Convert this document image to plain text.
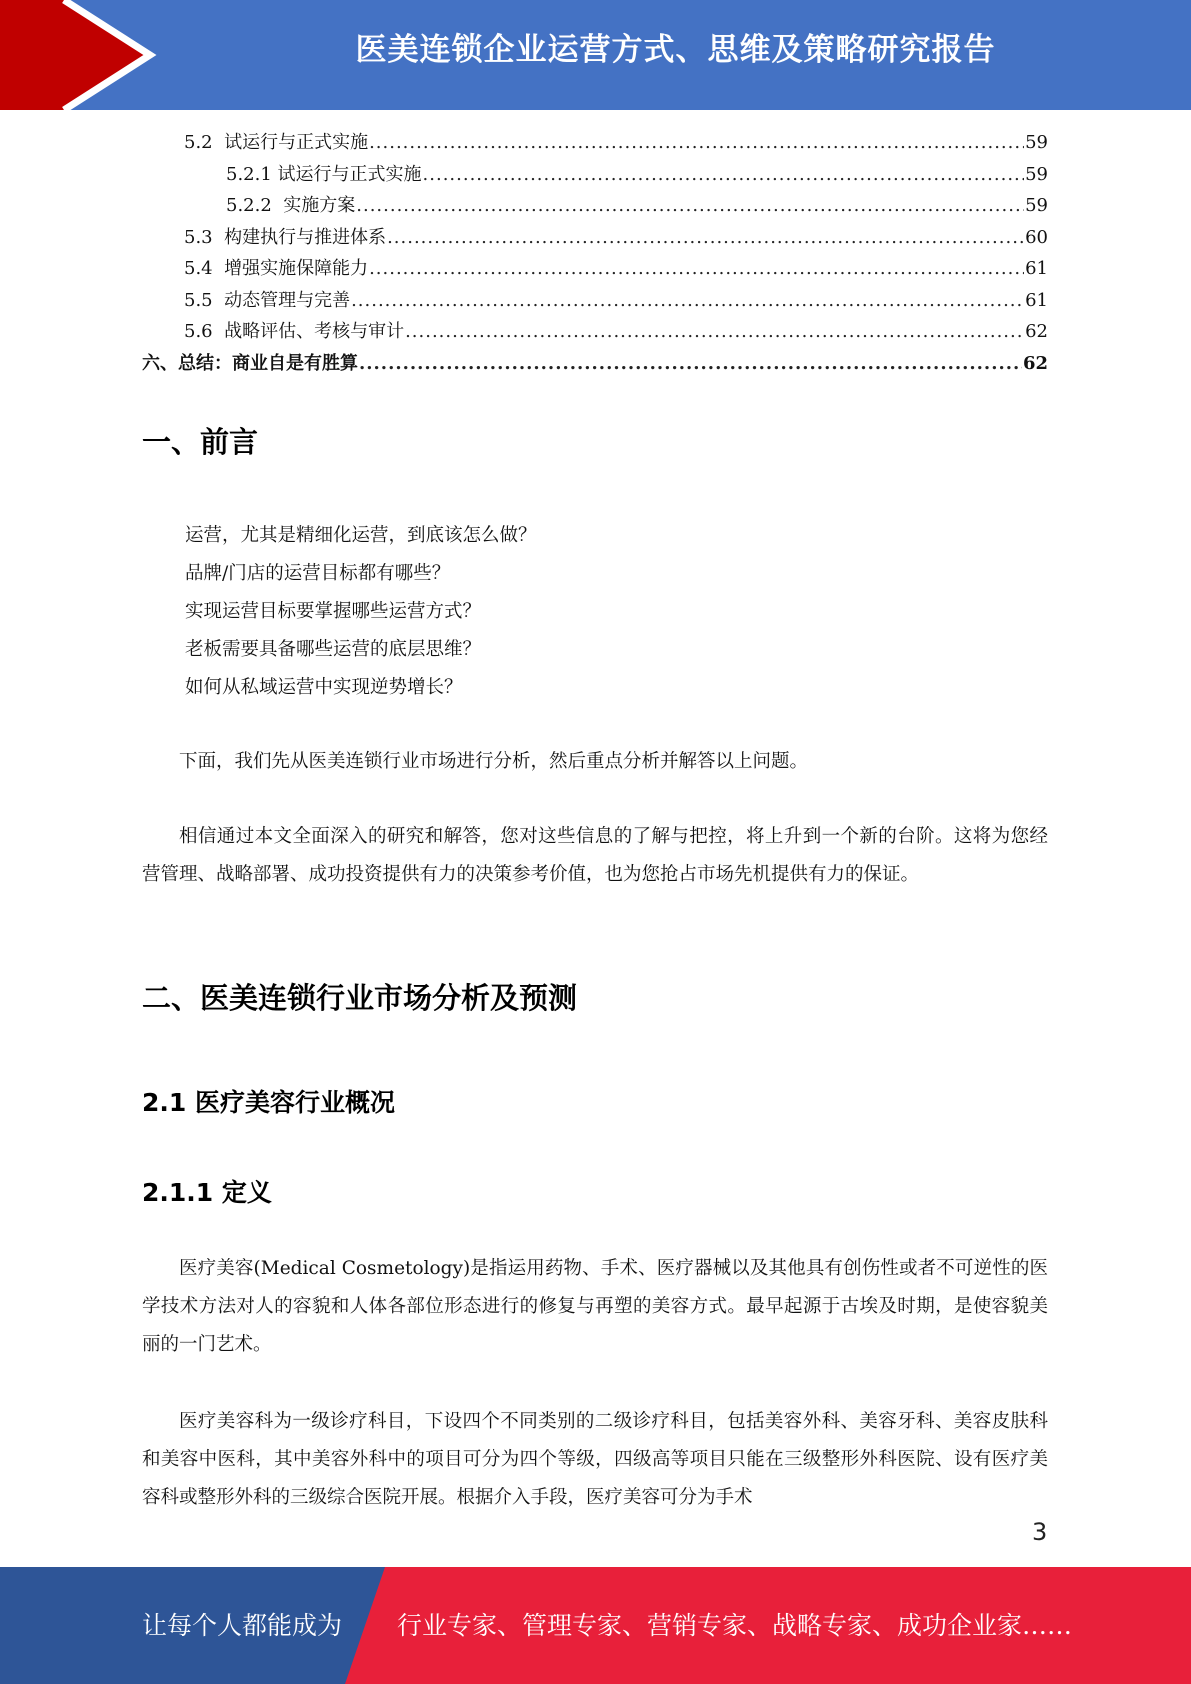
医美连锁企业运营方式、思维及策略研究报告
5.2  试运行与正式实施 .....	59
5.2.1 试运行与正式实施 .....	59
5.2.2  实施方案 .....	59
5.3  构建执行与推进体系 .....	60
5.4  增强实施保障能力 .....	61
5.5  动态管理与完善 .....	61
5.6  战略评估、考核与审计 .....	62
六、总结：商业自是有胜算 .....	62
一、前言

运营，尤其是精细化运营，到底该怎么做？

品牌/门店的运营目标都有哪些？

实现运营目标要掌握哪些运营方式？

老板需要具备哪些运营的底层思维？

如何从私域运营中实现逆势增长？

下面，我们先从医美连锁行业市场进行分析，然后重点分析并解答以上问题。

相信通过本文全面深入的研究和解答，您对这些信息的了解与把控，将上升到一个新的台阶。这将为您经营管理、战略部署、成功投资提供有力的决策参考价值，也为您抢占市场先机提供有力的保证。

二、医美连锁行业市场分析及预测
2.1 医疗美容行业概况
2.1.1 定义

医疗美容(Medical Cosmetology)是指运用药物、手术、医疗器械以及其他具有创伤性或者不可逆性的医学技术方法对人的容貌和人体各部位形态进行的修复与再塑的美容方式。最早起源于古埃及时期，是使容貌美丽的一门艺术。

医疗美容科为一级诊疗科目，下设四个不同类别的二级诊疗科目，包括美容外科、美容牙科、美容皮肤科和美容中医科，其中美容外科中的项目可分为四个等级，四级高等项目只能在三级整形外科医院、设有医疗美容科或整形外科的三级综合医院开展。根据介入手段，医疗美容可分为手术

3
让每个人都能成为 行业专家、管理专家、营销专家、战略专家、成功企业家……
